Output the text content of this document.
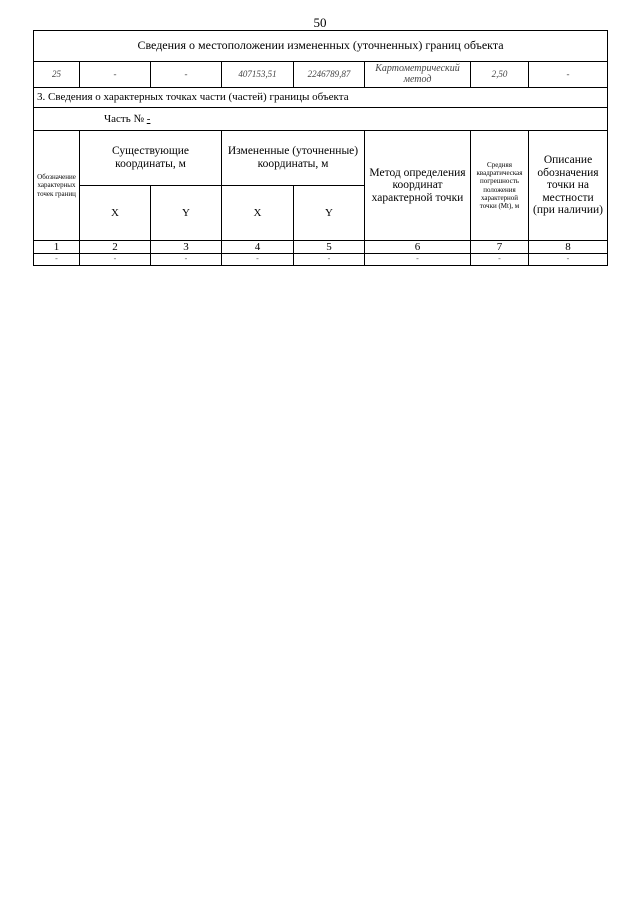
50
Сведения о местоположении измененных (уточненных) границ объекта							
25	-	-	407153,51	2246789,87	Картометрический метод	2,50	-
3. Сведения о характерных точках части (частей) границы объекта							
Часть № -							
Обозначение характерных точек границ	Существующие координаты, м		Измененные (уточненные) координаты, м		Метод определения координат характерной точки	Средняя квадратическая погрешность положения характерной точки (Mt), м	Описание обозначения точки на местности (при наличии)
	X	Y	X	Y			
1	2	3	4	5	6	7	8
-	-	-	-	-	-	-	-
